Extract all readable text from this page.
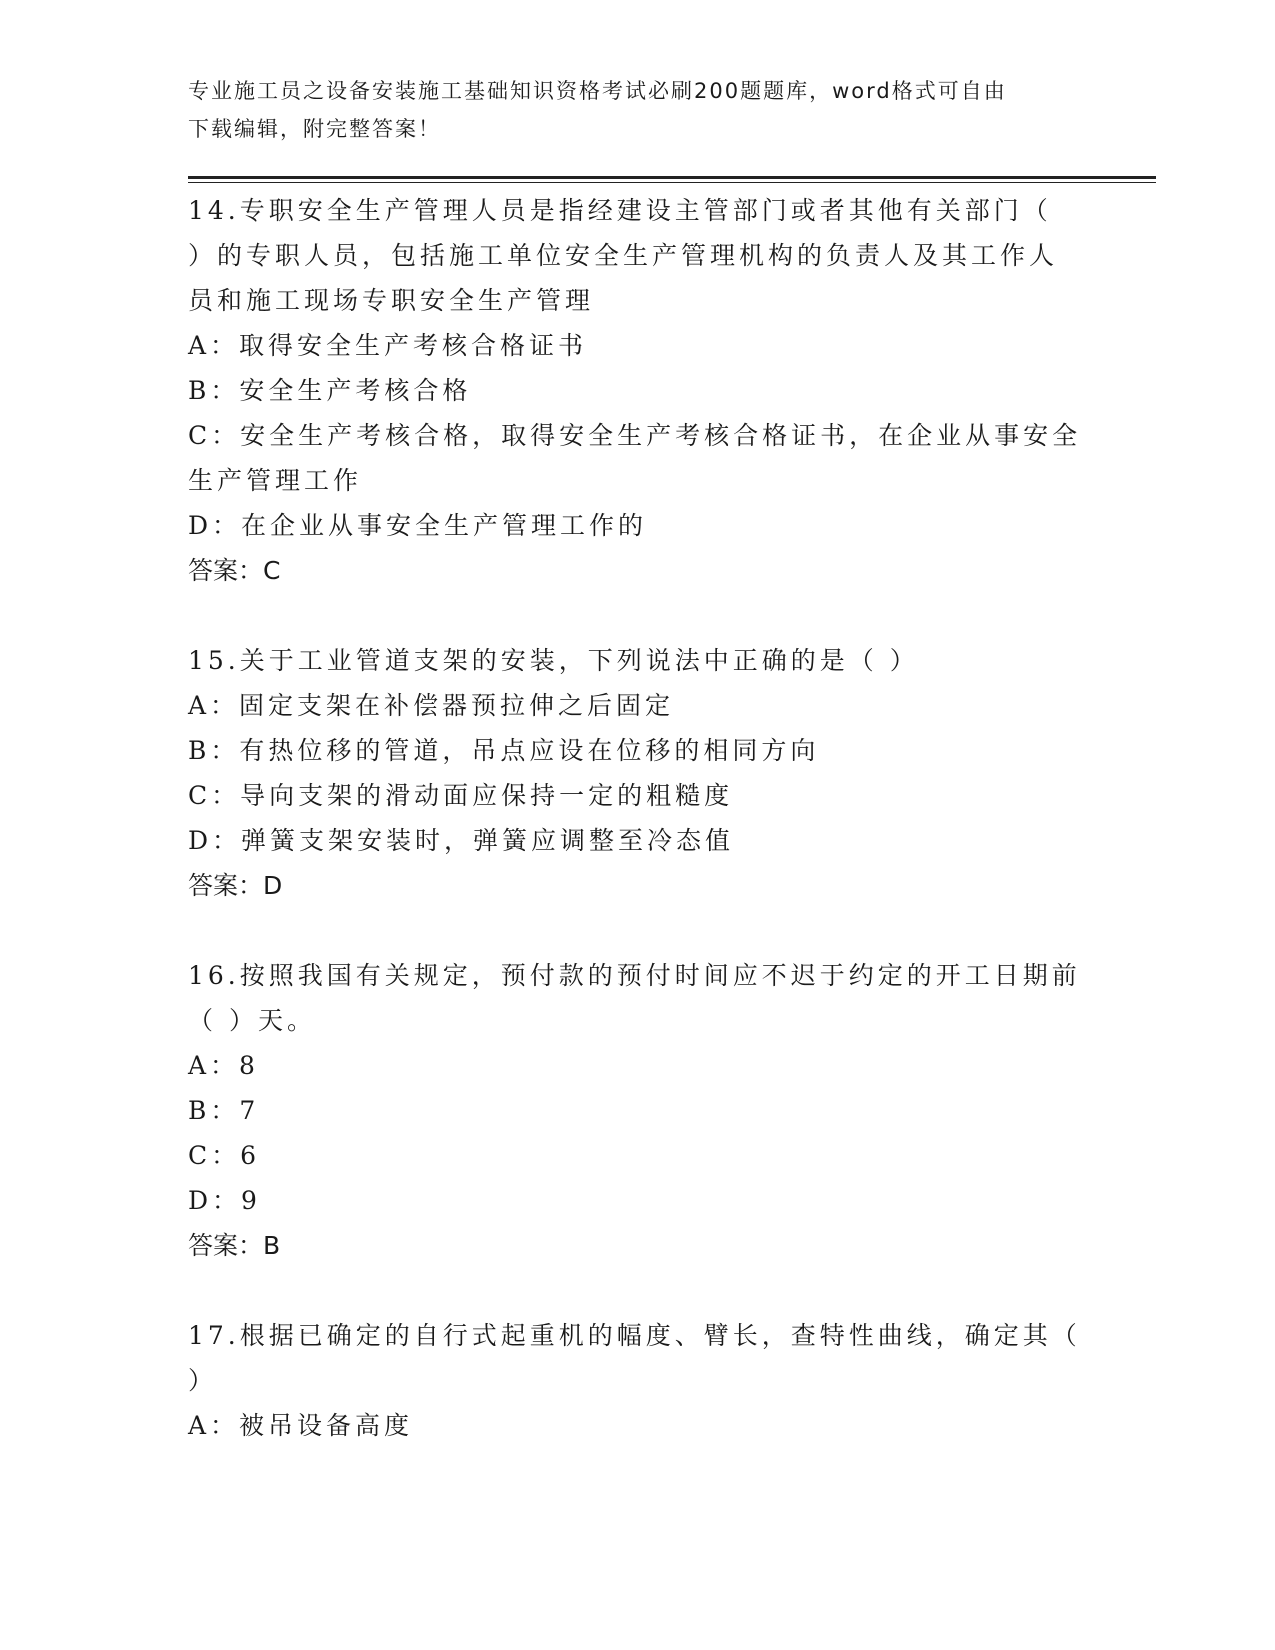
专业施工员之设备安装施工基础知识资格考试必刷200题题库，word格式可自由
下载编辑，附完整答案！

14.专职安全生产管理人员是指经建设主管部门或者其他有关部门（

）的专职人员，包括施工单位安全生产管理机构的负责人及其工作人

员和施工现场专职安全生产管理

A：取得安全生产考核合格证书

B：安全生产考核合格

C：安全生产考核合格，取得安全生产考核合格证书，在企业从事安全

生产管理工作

D：在企业从事安全生产管理工作的

答案：C

15.关于工业管道支架的安装，下列说法中正确的是（ ）

A：固定支架在补偿器预拉伸之后固定

B：有热位移的管道，吊点应设在位移的相同方向

C：导向支架的滑动面应保持一定的粗糙度

D：弹簧支架安装时，弹簧应调整至冷态值

答案：D

16.按照我国有关规定，预付款的预付时间应不迟于约定的开工日期前

（ ）天。

A：8

B：7

C：6

D：9

答案：B

17.根据已确定的自行式起重机的幅度、臂长，查特性曲线，确定其（

）

A：被吊设备高度
